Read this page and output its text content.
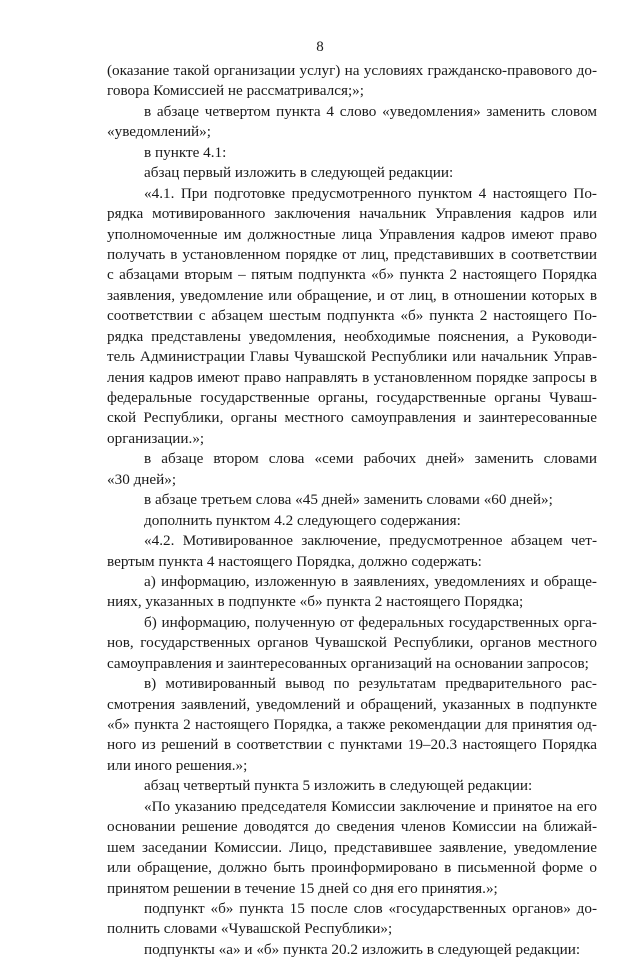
8
(оказание такой организации услуг) на условиях гражданско-правового до-
говора Комиссией не рассматривался;»;
в абзаце четвертом пункта 4 слово «уведомления» заменить словом
«уведомлений»;
в пункте 4.1:
абзац первый изложить в следующей редакции:
«4.1. При подготовке предусмотренного пунктом 4 настоящего По-
рядка мотивированного заключения начальник Управления кадров или
уполномоченные им должностные лица Управления кадров имеют право
получать в установленном порядке от лиц, представивших в соответствии
с абзацами вторым – пятым подпункта «б» пункта 2 настоящего Порядка
заявления, уведомление или обращение, и от лиц, в отношении которых в
соответствии с абзацем шестым подпункта «б» пункта 2 настоящего По-
рядка представлены уведомления, необходимые пояснения, а Руководи-
тель Администрации Главы Чувашской Республики или начальник Управ-
ления кадров имеют право направлять в установленном порядке запросы в
федеральные государственные органы, государственные органы Чуваш-
ской Республики, органы местного самоуправления и заинтересованные
организации.»;
в абзаце втором слова «семи рабочих дней» заменить словами
«30 дней»;
в абзаце третьем слова «45 дней» заменить словами «60 дней»;
дополнить пунктом 4.2 следующего содержания:
«4.2. Мотивированное заключение, предусмотренное абзацем чет-
вертым пункта 4 настоящего Порядка, должно содержать:
а) информацию, изложенную в заявлениях, уведомлениях и обраще-
ниях, указанных в подпункте «б» пункта 2 настоящего Порядка;
б) информацию, полученную от федеральных государственных орга-
нов, государственных органов Чувашской Республики, органов местного
самоуправления и заинтересованных организаций на основании запросов;
в) мотивированный вывод по результатам предварительного рас-
смотрения заявлений, уведомлений и обращений, указанных в подпункте
«б» пункта 2 настоящего Порядка, а также рекомендации для принятия од-
ного из решений в соответствии с пунктами 19–20.3 настоящего Порядка
или иного решения.»;
абзац четвертый пункта 5 изложить в следующей редакции:
«По указанию председателя Комиссии заключение и принятое на его
основании решение доводятся до сведения членов Комиссии на ближай-
шем заседании Комиссии. Лицо, представившее заявление, уведомление
или обращение, должно быть проинформировано в письменной форме о
принятом решении в течение 15 дней со дня его принятия.»;
подпункт «б» пункта 15 после слов «государственных органов» до-
полнить словами «Чувашской Республики»;
подпункты «а» и «б» пункта 20.2 изложить в следующей редакции:
